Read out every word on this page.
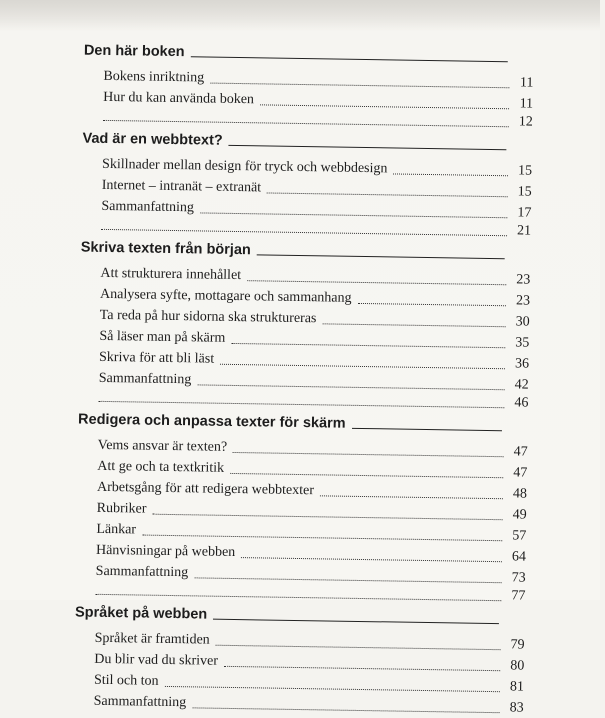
Den här boken
Bokens inriktning	11
Hur du kan använda boken	11
12
Vad är en webbtext?
Skillnader mellan design för tryck och webbdesign	15
Internet – intranät – extranät	15
Sammanfattning	17
21
Skriva texten från början
Att strukturera innehållet	23
Analysera syfte, mottagare och sammanhang	23
Ta reda på hur sidorna ska struktureras	30
Så läser man på skärm	35
Skriva för att bli läst	36
Sammanfattning	42
46
Redigera och anpassa texter för skärm
Vems ansvar är texten?	47
Att ge och ta textkritik	47
Arbetsgång för att redigera webbtexter	48
Rubriker	49
Länkar	57
Hänvisningar på webben	64
Sammanfattning	73
77
Språket på webben
Språket är framtiden	79
Du blir vad du skriver	80
Stil och ton	81
Sammanfattning	83
